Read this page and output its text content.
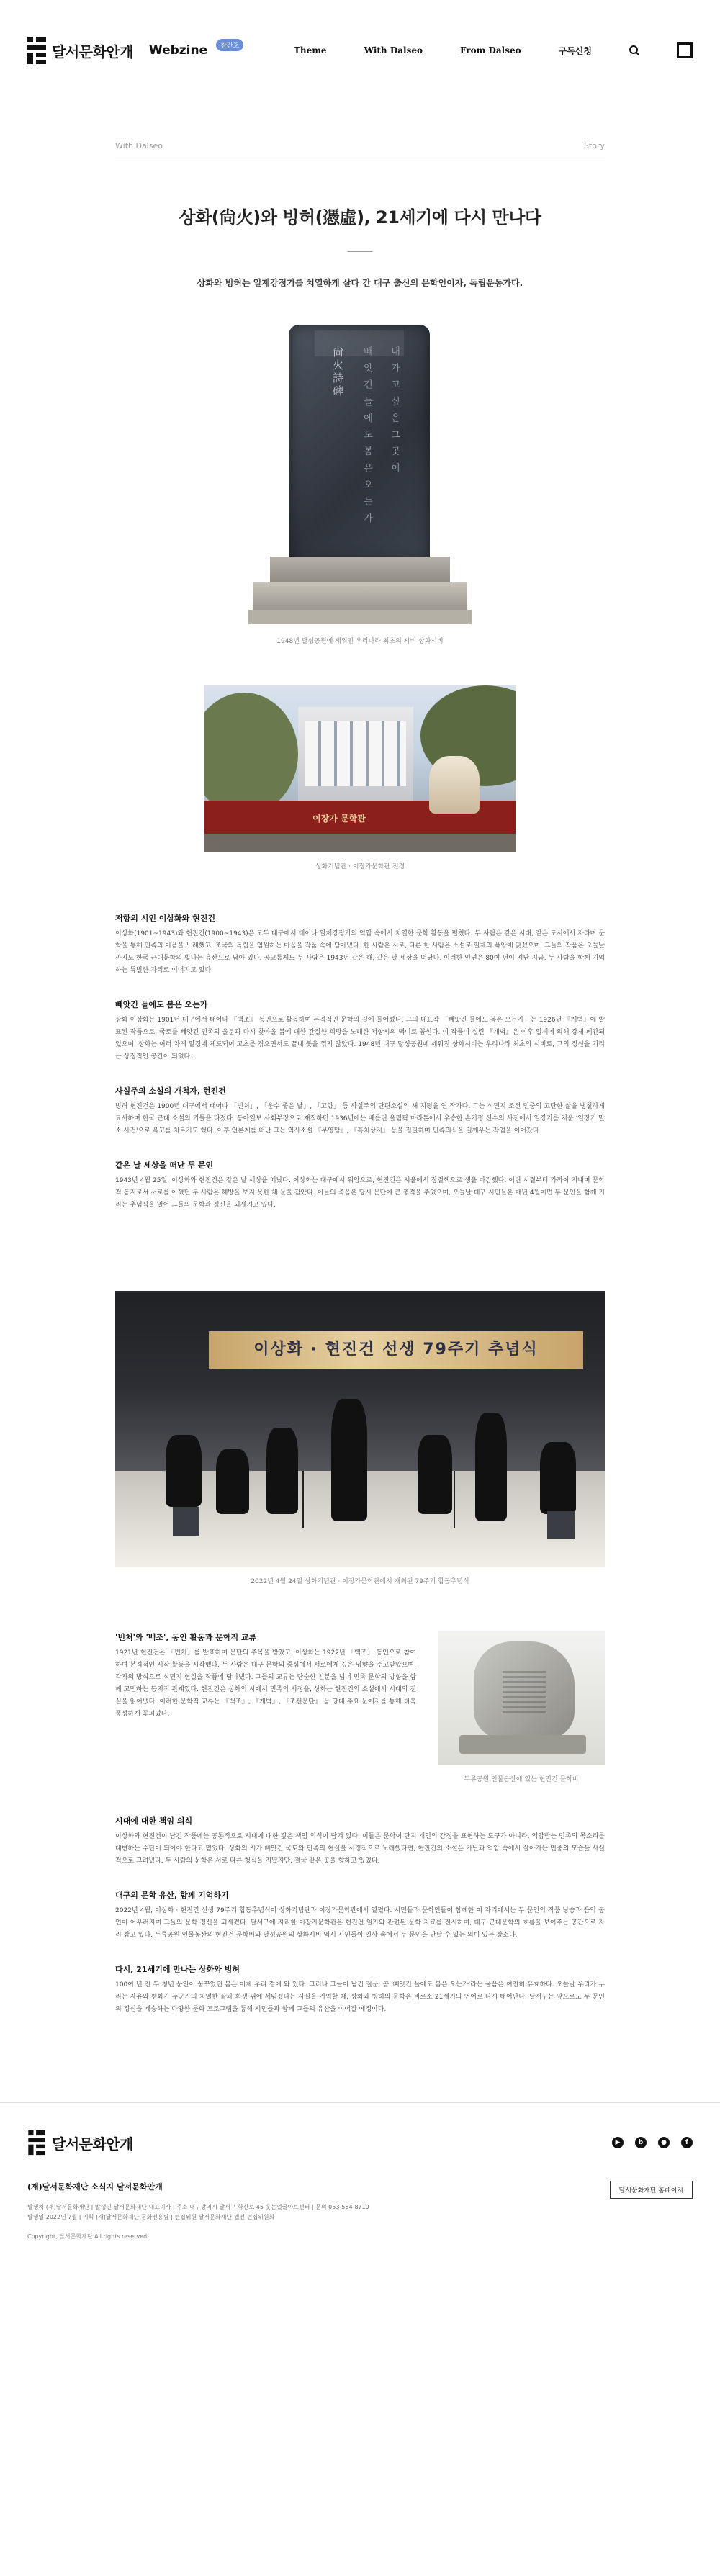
달서문화안개 Webzine	창간호	Theme	With Dalseo	From Dalseo	구독신청
With Dalseo	Story
상화(尙火)와 빙허(憑虛), 21세기에 다시 만나다

상화와 빙허는 일제강점기를 치열하게 살다 간 대구 출신의 문학인이자, 독립운동가다.

내 가 고 싶 은 그 곳 이
빼 앗 긴 들 에 도 봄 은 오 는 가
尙火詩碑

1948년 달성공원에 세워진 우리나라 최초의 시비 상화시비

이장가 문학관

상화기념관 · 이장가문학관 전경

저항의 시인 이상화와 현진건

이상화(1901~1943)와 현진건(1900~1943)은 모두 대구에서 태어나 일제강점기의 억압 속에서 치열한 문학 활동을 펼쳤다. 두 사람은 같은 시대, 같은 도시에서 자라며 문학을 통해 민족의 아픔을 노래했고, 조국의 독립을 염원하는 마음을 작품 속에 담아냈다. 한 사람은 시로, 다른 한 사람은 소설로 일제의 폭압에 맞섰으며, 그들의 작품은 오늘날까지도 한국 근대문학의 빛나는 유산으로 남아 있다. 공교롭게도 두 사람은 1943년 같은 해, 같은 날 세상을 떠났다. 이러한 인연은 80여 년이 지난 지금, 두 사람을 함께 기억하는 특별한 자리로 이어지고 있다.

빼앗긴 들에도 봄은 오는가

상화 이상화는 1901년 대구에서 태어나 『백조』 동인으로 활동하며 본격적인 문학의 길에 들어섰다. 그의 대표작 「빼앗긴 들에도 봄은 오는가」는 1926년 『개벽』에 발표된 작품으로, 국토를 빼앗긴 민족의 울분과 다시 찾아올 봄에 대한 간절한 희망을 노래한 저항시의 백미로 꼽힌다. 이 작품이 실린 『개벽』은 이후 일제에 의해 강제 폐간되었으며, 상화는 여러 차례 일경에 체포되어 고초를 겪으면서도 끝내 붓을 꺾지 않았다. 1948년 대구 달성공원에 세워진 상화시비는 우리나라 최초의 시비로, 그의 정신을 기리는 상징적인 공간이 되었다.

사실주의 소설의 개척자, 현진건

빙허 현진건은 1900년 대구에서 태어나 「빈처」, 「운수 좋은 날」, 「고향」 등 사실주의 단편소설의 새 지평을 연 작가다. 그는 식민지 조선 민중의 고단한 삶을 냉철하게 묘사하며 한국 근대 소설의 기틀을 다졌다. 동아일보 사회부장으로 재직하던 1936년에는 베를린 올림픽 마라톤에서 우승한 손기정 선수의 사진에서 일장기를 지운 '일장기 말소 사건'으로 옥고를 치르기도 했다. 이후 언론계를 떠난 그는 역사소설 『무영탑』, 『흑치상지』 등을 집필하며 민족의식을 일깨우는 작업을 이어갔다.

같은 날 세상을 떠난 두 문인

1943년 4월 25일, 이상화와 현진건은 같은 날 세상을 떠났다. 이상화는 대구에서 위암으로, 현진건은 서울에서 장결핵으로 생을 마감했다. 어린 시절부터 가까이 지내며 문학적 동지로서 서로를 아꼈던 두 사람은 해방을 보지 못한 채 눈을 감았다. 이들의 죽음은 당시 문단에 큰 충격을 주었으며, 오늘날 대구 시민들은 매년 4월이면 두 문인을 함께 기리는 추념식을 열어 그들의 문학과 정신을 되새기고 있다.

이상화 · 현진건 선생 79주기 추념식

2022년 4월 24일 상화기념관 · 이장가문학관에서 개최된 79주기 합동추념식

'빈처'와 '백조', 동인 활동과 문학적 교류

1921년 현진건은 「빈처」를 발표하며 문단의 주목을 받았고, 이상화는 1922년 「백조」 동인으로 참여하며 본격적인 시작 활동을 시작했다. 두 사람은 대구 문학의 중심에서 서로에게 깊은 영향을 주고받았으며, 각자의 방식으로 식민지 현실을 작품에 담아냈다. 그들의 교류는 단순한 친분을 넘어 민족 문학의 방향을 함께 고민하는 동지적 관계였다. 현진건은 상화의 시에서 민족의 서정을, 상화는 현진건의 소설에서 시대의 진실을 읽어냈다. 이러한 문학적 교류는 『백조』, 『개벽』, 『조선문단』 등 당대 주요 문예지를 통해 더욱 풍성하게 꽃피었다.

두류공원 인물동산에 있는 현진건 문학비

시대에 대한 책임 의식

이상화와 현진건이 남긴 작품에는 공통적으로 시대에 대한 깊은 책임 의식이 담겨 있다. 이들은 문학이 단지 개인의 감정을 표현하는 도구가 아니라, 억압받는 민족의 목소리를 대변하는 수단이 되어야 한다고 믿었다. 상화의 시가 빼앗긴 국토와 민족의 현실을 서정적으로 노래했다면, 현진건의 소설은 가난과 억압 속에서 살아가는 민중의 모습을 사실적으로 그려냈다. 두 사람의 문학은 서로 다른 형식을 지녔지만, 결국 같은 곳을 향하고 있었다.

대구의 문학 유산, 함께 기억하기

2022년 4월, 이상화 · 현진건 선생 79주기 합동추념식이 상화기념관과 이장가문학관에서 열렸다. 시민들과 문학인들이 함께한 이 자리에서는 두 문인의 작품 낭송과 음악 공연이 어우러지며 그들의 문학 정신을 되새겼다. 달서구에 자리한 이장가문학관은 현진건 일가와 관련된 문학 자료를 전시하며, 대구 근대문학의 흐름을 보여주는 공간으로 자리 잡고 있다. 두류공원 인물동산의 현진건 문학비와 달성공원의 상화시비 역시 시민들이 일상 속에서 두 문인을 만날 수 있는 의미 있는 장소다.

다시, 21세기에 만나는 상화와 빙허

100여 년 전 두 청년 문인이 꿈꾸었던 봄은 이제 우리 곁에 와 있다. 그러나 그들이 남긴 질문, 곧 '빼앗긴 들에도 봄은 오는가'라는 물음은 여전히 유효하다. 오늘날 우리가 누리는 자유와 평화가 누군가의 치열한 삶과 희생 위에 세워졌다는 사실을 기억할 때, 상화와 빙허의 문학은 비로소 21세기의 언어로 다시 태어난다. 달서구는 앞으로도 두 문인의 정신을 계승하는 다양한 문화 프로그램을 통해 시민들과 함께 그들의 유산을 이어갈 예정이다.

달서문화안개	▶	b	●	f
(재)달서문화재단 소식지 달서문화안개
발행처 (재)달서문화재단 | 발행인 달서문화재단 대표이사 | 주소 대구광역시 달서구 학산로 45 웃는얼굴아트센터 | 문의 053-584-8719
발행일 2022년 7월 | 기획 (재)달서문화재단 문화진흥팀 | 편집위원 달서문화재단 웹진 편집위원회
Copyright, 달서문화재단 All rights reserved.
달서문화재단 홈페이지
